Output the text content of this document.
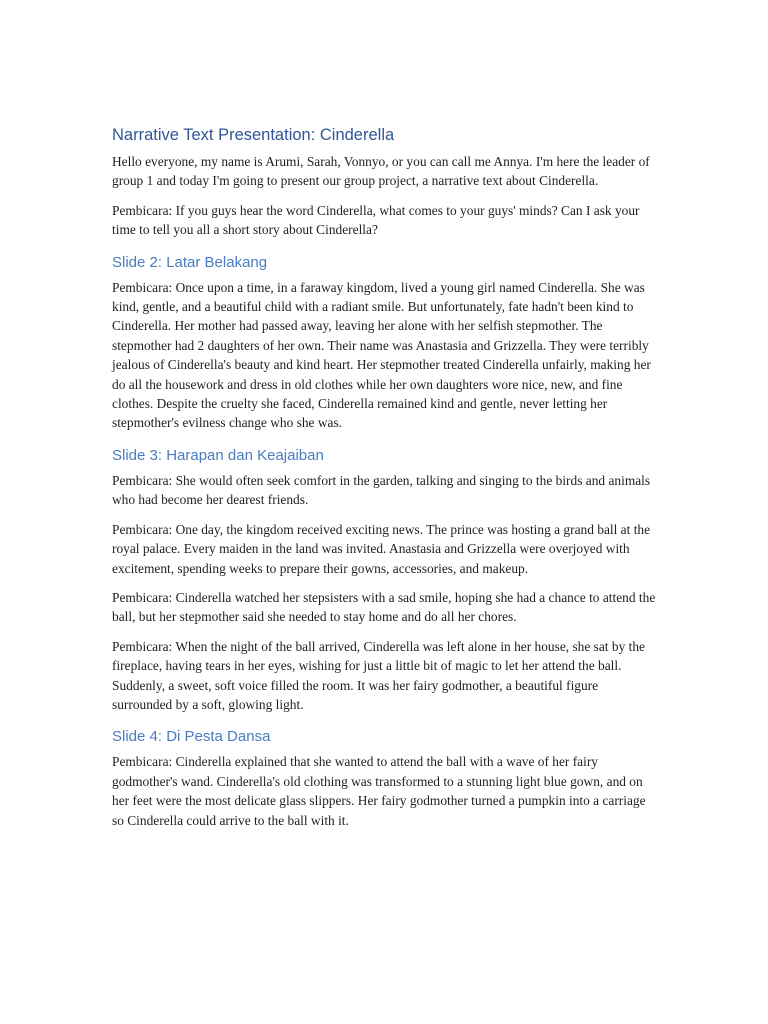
Narrative Text Presentation: Cinderella

Hello everyone, my name is Arumi, Sarah, Vonnyo, or you can call me Annya. I'm here the leader of group 1 and today I'm going to present our group project, a narrative text about Cinderella.

Pembicara: If you guys hear the word Cinderella, what comes to your guys' minds? Can I ask your time to tell you all a short story about Cinderella?

Slide 2: Latar Belakang

Pembicara: Once upon a time, in a faraway kingdom, lived a young girl named Cinderella. She was kind, gentle, and a beautiful child with a radiant smile. But unfortunately, fate hadn't been kind to Cinderella. Her mother had passed away, leaving her alone with her selfish stepmother. The stepmother had 2 daughters of her own. Their name was Anastasia and Grizzella. They were terribly jealous of Cinderella's beauty and kind heart. Her stepmother treated Cinderella unfairly, making her do all the housework and dress in old clothes while her own daughters wore nice, new, and fine clothes. Despite the cruelty she faced, Cinderella remained kind and gentle, never letting her stepmother's evilness change who she was.

Slide 3: Harapan dan Keajaiban

Pembicara: She would often seek comfort in the garden, talking and singing to the birds and animals who had become her dearest friends.

Pembicara: One day, the kingdom received exciting news. The prince was hosting a grand ball at the royal palace. Every maiden in the land was invited. Anastasia and Grizzella were overjoyed with excitement, spending weeks to prepare their gowns, accessories, and makeup.

Pembicara: Cinderella watched her stepsisters with a sad smile, hoping she had a chance to attend the ball, but her stepmother said she needed to stay home and do all her chores.

Pembicara: When the night of the ball arrived, Cinderella was left alone in her house, she sat by the fireplace, having tears in her eyes, wishing for just a little bit of magic to let her attend the ball. Suddenly, a sweet, soft voice filled the room. It was her fairy godmother, a beautiful figure surrounded by a soft, glowing light.

Slide 4: Di Pesta Dansa

Pembicara: Cinderella explained that she wanted to attend the ball with a wave of her fairy godmother's wand. Cinderella's old clothing was transformed to a stunning light blue gown, and on her feet were the most delicate glass slippers. Her fairy godmother turned a pumpkin into a carriage so Cinderella could arrive to the ball with it.
